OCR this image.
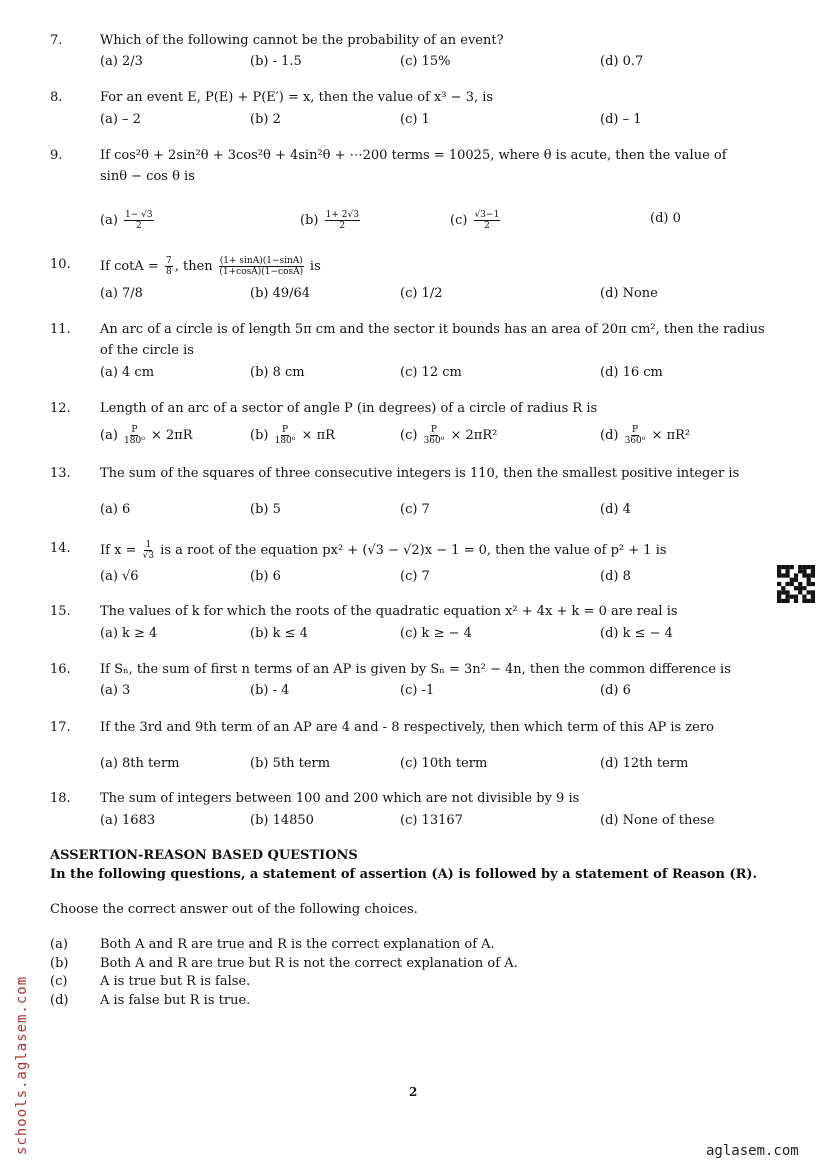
7.	Which of the following cannot be the probability of an event?
(a) 2/3	(b) - 1.5	(c) 15%	(d) 0.7
8.	For an event E, P(E) + P(E′) = x, then the value of x³ − 3, is
(a) – 2	(b) 2	(c) 1	(d) – 1
9.	If cos²θ + 2sin²θ + 3cos²θ + 4sin²θ + ⋯200 terms = 10025, where θ is acute, then the value of
sinθ − cos θ is
$(a) \frac{1- √3}{2}$	$(b) \frac{1+ 2√3}{2}$	$(c) \frac{√3-1}{2}$	(d) 0
10. If $\cot A = \frac{7}{8}$ , then $\frac{(1+ \sin A)(1-\sin A)}{(1+\cos A)(1-\cos A)}$ is
(a) 7/8	(b) 49/64	(c) 1/2	(d) None
11. An arc of a circle is of length 5π cm and the sector it bounds has an area of 20π cm², then the radius
of the circle is
(a) 4 cm	(b) 8 cm	(c) 12 cm	(d) 16 cm
12. Length of an arc of a sector of angle P (in degrees) of a circle of radius R is
$(a) \frac{P}{\text{180⁰}} \times 2\pi R$	$(b) \frac{P}{\text{180⁰}} \times \pi R$	$(c) \frac{P}{\text{360⁰}} \times 2\pi R^2$	$(d) \frac{P}{\text{360⁰}} \times \pi R^2$
13. The sum of the squares of three consecutive integers is 110, then the smallest positive integer is
(a) 6	(b) 5	(c) 7	(d) 4
14. If $x = \frac{1}{√3}$ is a root of the equation px² + (√3 − √2)x − 1 = 0, then the value of p² + 1 is
(a) √6	(b) 6	(c) 7	(d) 8
15. The values of k for which the roots of the quadratic equation x² + 4x + k = 0 are real is
(a) k ≥ 4	(b) k ≤ 4	(c) k ≥ − 4	(d) k ≤ − 4
16. If Sₙ, the sum of first n terms of an AP is given by Sₙ = 3n² − 4n, then the common difference is
(a) 3	(b) - 4	(c) -1	(d) 6
17. If the 3rd and 9th term of an AP are 4 and - 8 respectively, then which term of this AP is zero
(a) 8th term	(b) 5th term	(c) 10th term	(d) 12th term
18. The sum of integers between 100 and 200 which are not divisible by 9 is
(a) 1683	(b) 14850	(c) 13167	(d) None of these
ASSERTION-REASON BASED QUESTIONS
In the following questions, a statement of assertion (A) is followed by a statement of Reason (R).
Choose the correct answer out of the following choices.
(a) Both A and R are true and R is the correct explanation of A.
(b) Both A and R are true but R is not the correct explanation of A.
(c)	A is true but R is false.
(d) A is false but R is true.
2
schools.aglasem.com	aglasem.com
